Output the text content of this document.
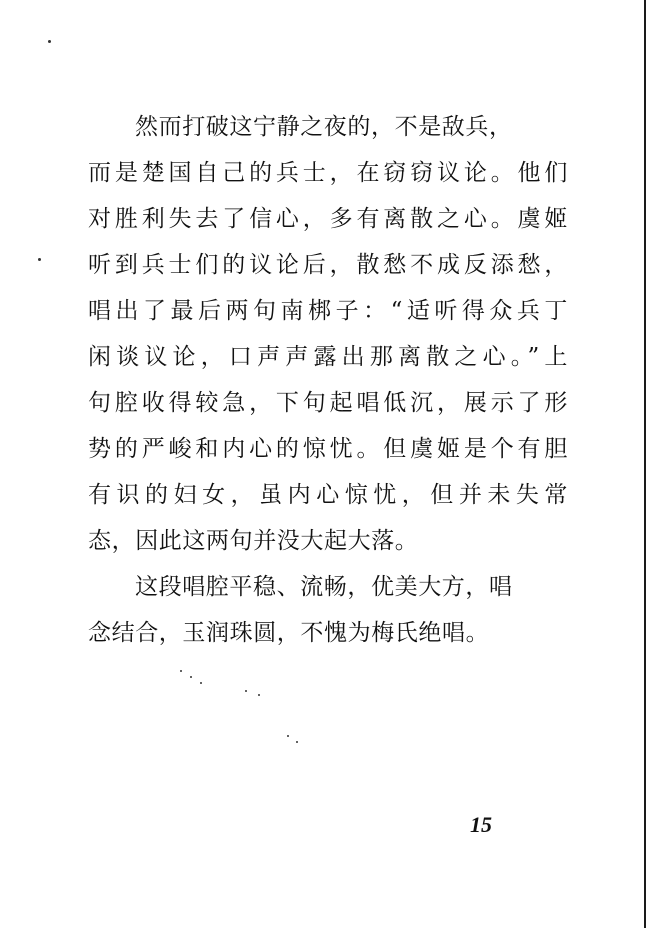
然而打破这宁静之夜的，不是敌兵，
而是楚国自己的兵士，在窃窃议论。他们
对胜利失去了信心，多有离散之心。虞姬
听到兵士们的议论后，散愁不成反添愁，
唱出了最后两句南梆子：“适听得众兵丁
闲谈议论，口声声露出那离散之心。”上
句腔收得较急，下句起唱低沉，展示了形
势的严峻和内心的惊忧。但虞姬是个有胆
有识的妇女，虽内心惊忧，但并未失常
态，因此这两句并没大起大落。
这段唱腔平稳、流畅，优美大方，唱
念结合，玉润珠圆，不愧为梅氏绝唱。
15
